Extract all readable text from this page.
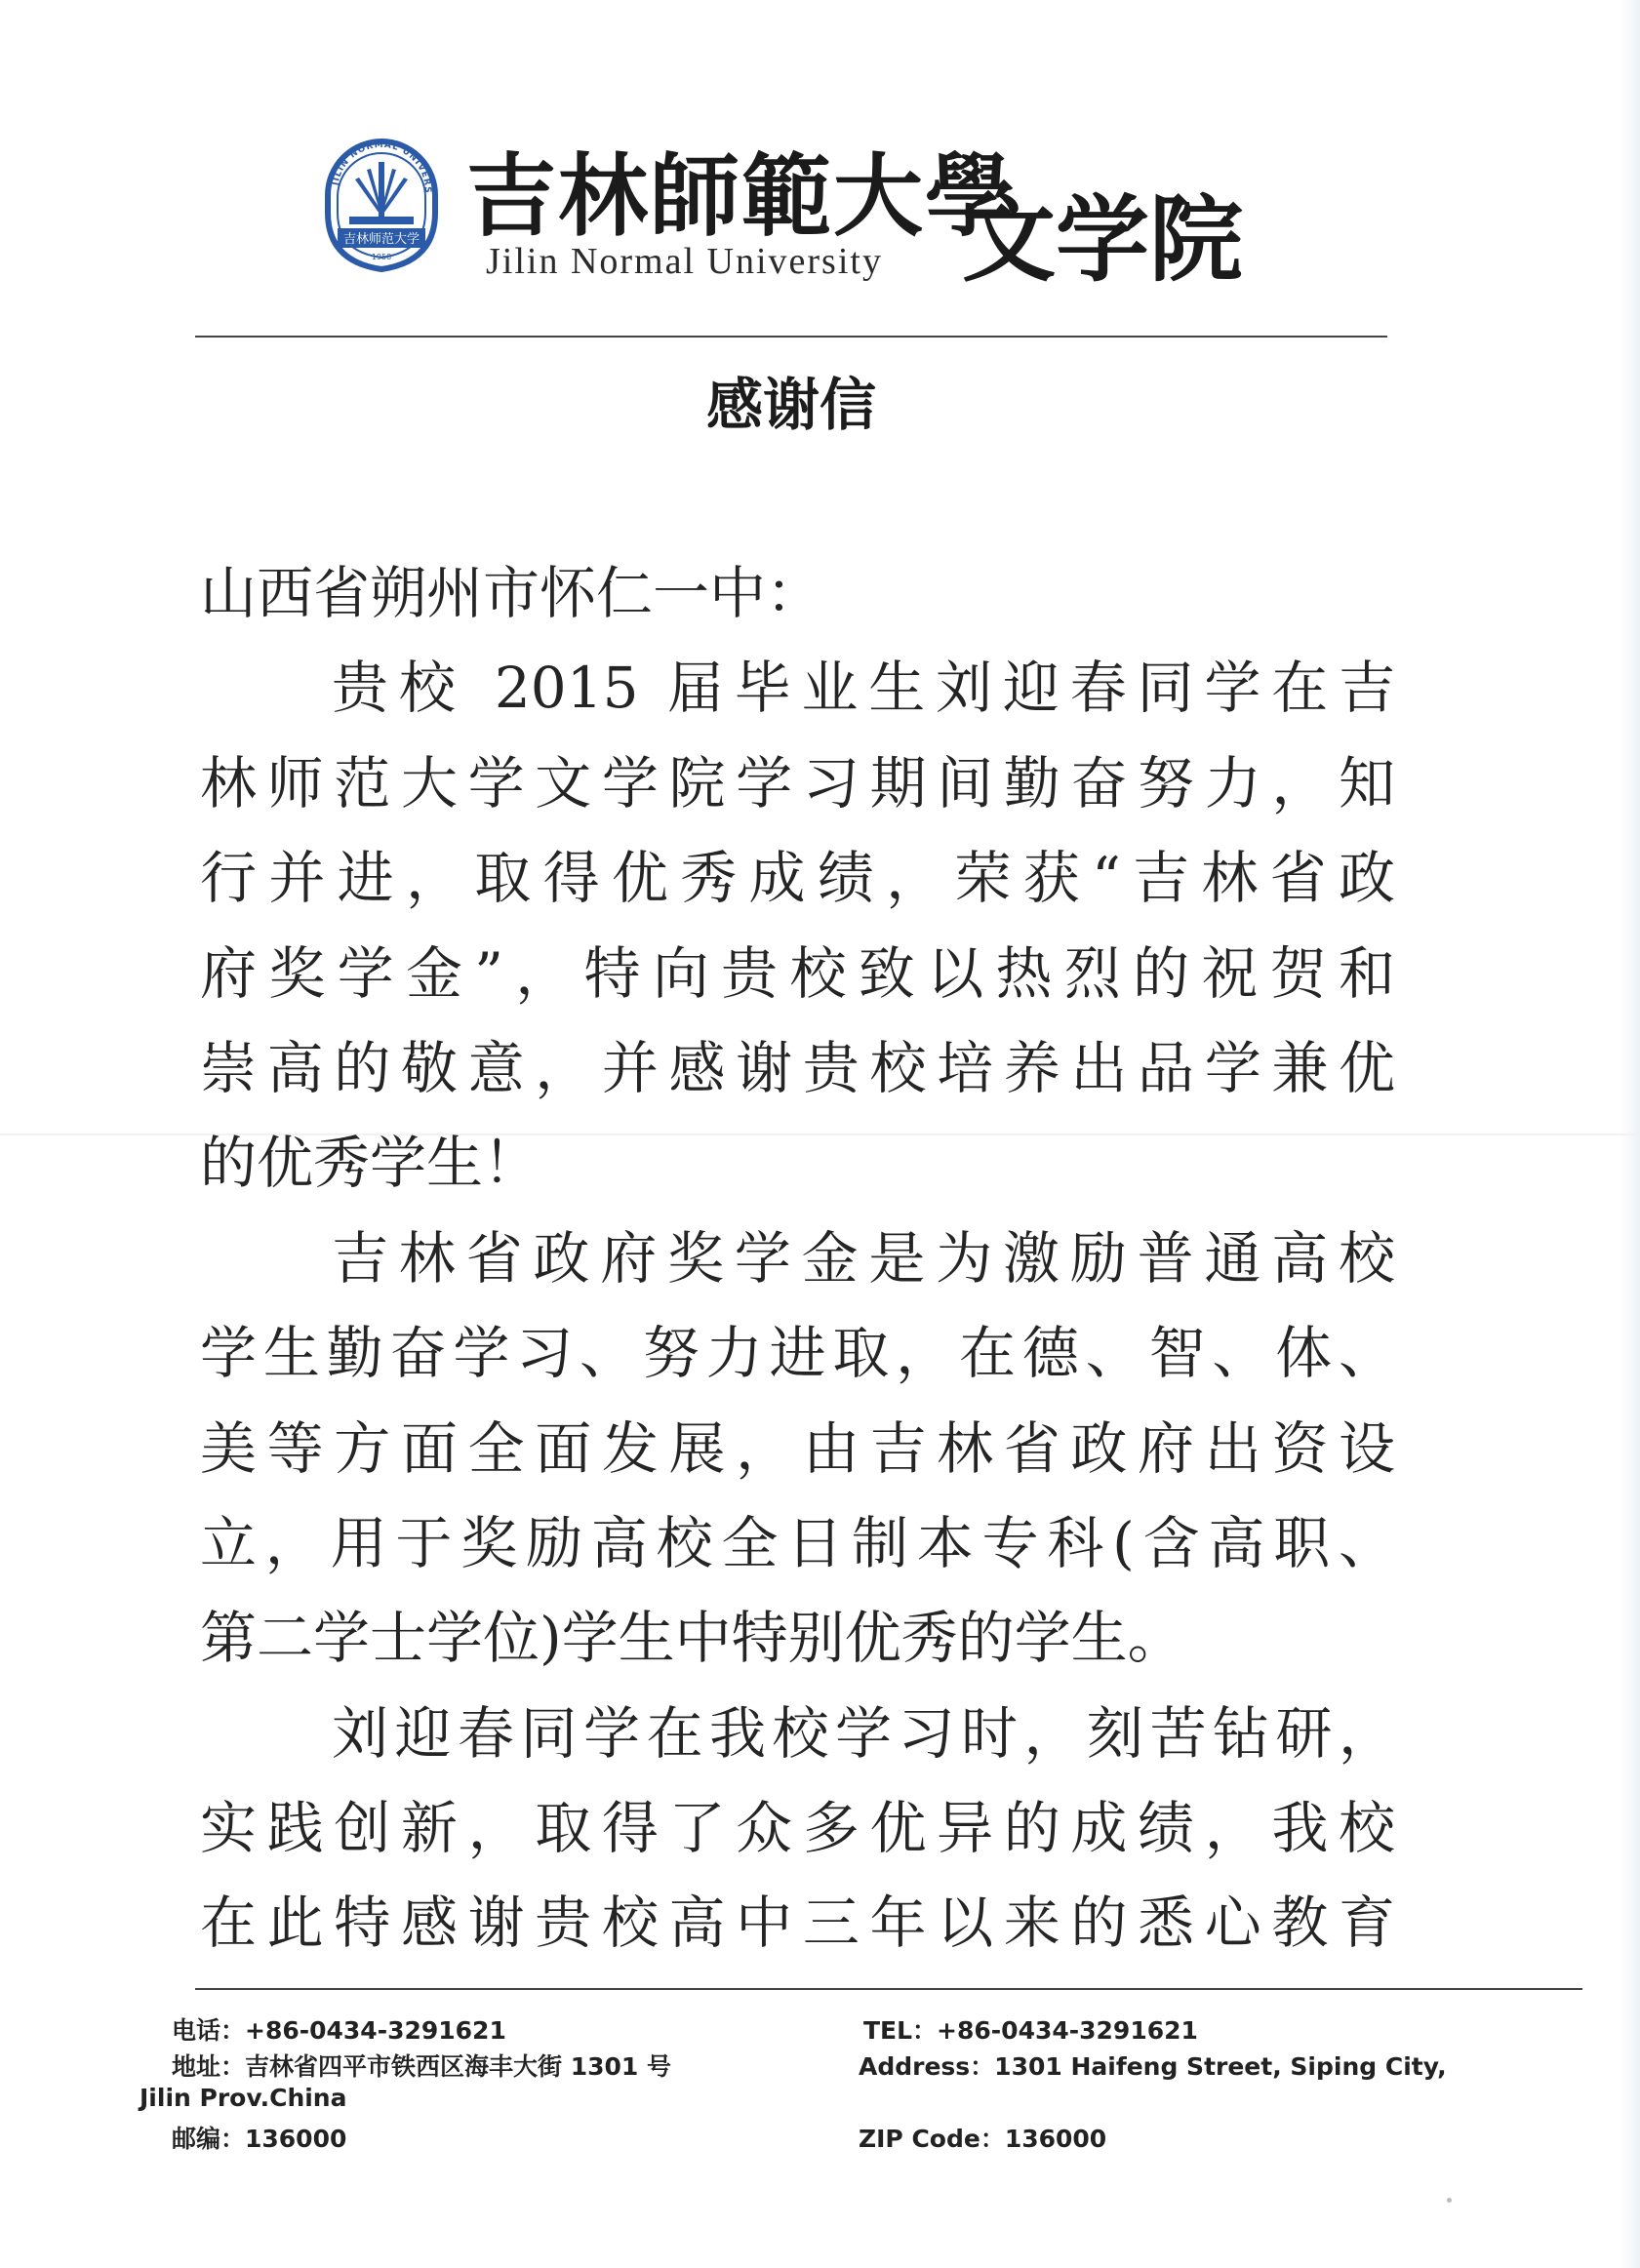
JILIN NORMAL UNIVERS
吉林师范大学
1958
吉林師範大學
Jilin Normal University 文学院
感谢信
山西省朔州市怀仁一中：
贵校 2015 届毕业生刘迎春同学在吉
林师范大学文学院学习期间勤奋努力，知
行并进，取得优秀成绩，荣获“吉林省政
府奖学金”，特向贵校致以热烈的祝贺和
崇高的敬意，并感谢贵校培养出品学兼优
的优秀学生！
吉林省政府奖学金是为激励普通高校
学生勤奋学习、努力进取，在德、智、体、
美等方面全面发展，由吉林省政府出资设
立，用于奖励高校全日制本专科(含高职、
第二学士学位)学生中特别优秀的学生。
刘迎春同学在我校学习时，刻苦钻研，
实践创新，取得了众多优异的成绩，我校
在此特感谢贵校高中三年以来的悉心教育
电话：+86-0434-3291621
地址：吉林省四平市铁西区海丰大街 1301 号
Jilin Prov.China
邮编：136000
TEL：+86-0434-3291621
Address：1301 Haifeng Street, Siping City,
ZIP Code：136000
